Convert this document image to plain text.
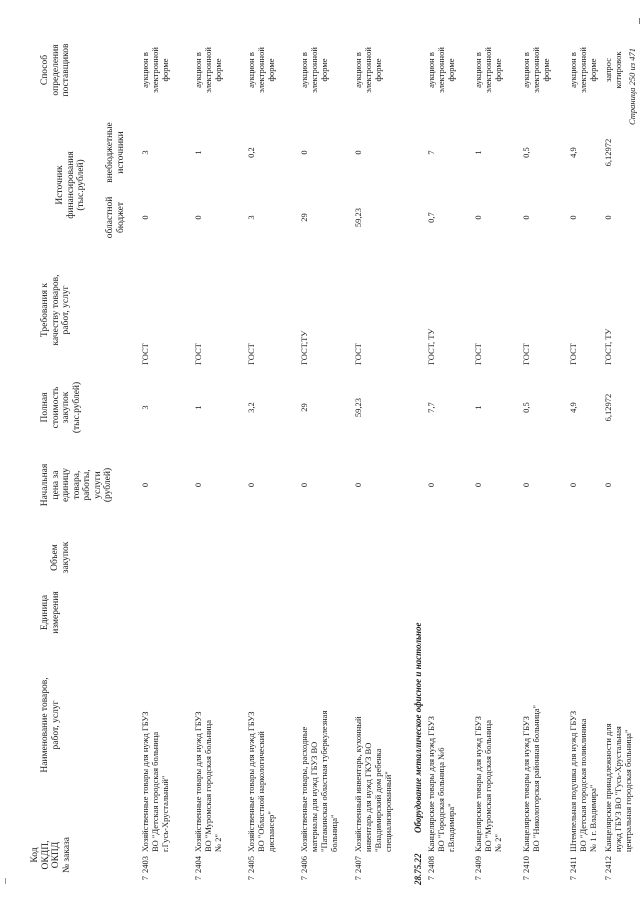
Код
ОКДП,
ОКПД
№ заказа
Наименование товаров,
работ, услуг
Единица
измерения
Объем
закупок
Начальная
цена за
единицу
товара,
работы,
услуги
(рублей)
Полная
стоимость
закупок
(тыс.рублей)
Требования к
качеству товаров,
работ, услуг
Источник
финансирования
(тыс.рублей)
областной
бюджет
внебюджетные
источники
Способ
определения
поставщиков
7
2403
Хозяйственные товары для нужд ГБУЗ
ВО "Детская городская больница
г.Гусь-Хрустальный"
0
3
ГОСТ
0
3
аукцион в
электронной
форме
7
2404
Хозяйственные товары для нужд ГБУЗ
ВО "Муромская городская больница
№ 2"
0
1
ГОСТ
0
1
аукцион в
электронной
форме
7
2405
Хозяйственные товары для нужд ГБУЗ
ВО "Областной наркологический
диспансер"
0
3,2
ГОСТ
3
0,2
аукцион в
электронной
форме
7
2406
Хозяйственные товары, расходные
материалы для нужд ГБУЗ ВО
"Патакинская областная туберкулезная
больница"
0
29
ГОСТ,ТУ
29
0
аукцион в
электронной
форме
7
2407
Хозяйственный инвентарь, кухонный
инвентарь для нужд ГКУЗ ВО
"Владимирский дом ребенка
специализированный"
0
59,23
ГОСТ
59,23
0
аукцион в
электронной
форме
28.75.22
Оборудование металлическое офисное и настольное
7
2408
Канцелярские товары для нужд ГБУЗ
ВО "Городская больница №6
г.Владимира"
0
7,7
ГОСТ, ТУ
0,7
7
аукцион в
электронной
форме
7
2409
Канцелярские товары для нужд ГБУЗ
ВО "Муромская городская больница
№ 2"
0
1
ГОСТ
0
1
аукцион в
электронной
форме
7
2410
Канцелярские товары для нужд ГБУЗ
ВО "Никологорская районная больница"
0
0,5
ГОСТ
0
0,5
аукцион в
электронной
форме
7
2411
Штемпельная подушка для нужд ГБУЗ
ВО "Детская городская поликлиника
№ 1 г. Владимира"
0
4,9
ГОСТ
0
4,9
аукцион в
электронной
форме
7
2412
Канцелярские принадлежности для
нужд ГБУЗ ВО "Гусь-Хрустальная
центральная городская больница"
0
6,12972
ГОСТ, ТУ
0
6,12972
запрос
котировок Страница 250 из 471
